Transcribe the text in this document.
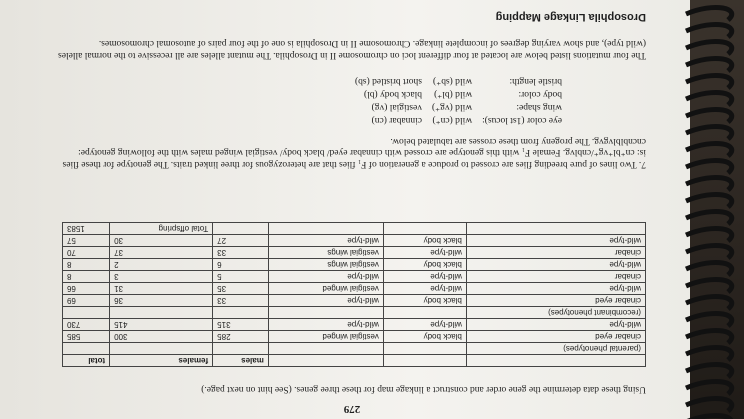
279
Using these data determine the gene order and construct a linkage map for these three genes. (See hint on next page.)
			males	females	total
(parental phenotypes)					
cinabar eyed	black body	vestigial winged	285	300	585
wild-type	wild-type	wild-type	315	415	730
(recombinant phenotypes)					
cinabar eyed	black body	wild-type	33	36	69
wild-type	wild-type	vestigial winged	35	31	66
cinabar	wild-type	wild-type	5	3	8
wild-type	black body	vestigial wings	6	2	8
cinabar	wild-type	vestigial wings	33	37	70
wild-type	black body	wild-type	27	30	57
				Total offspring	1583
7. Two lines of pure breeding flies are crossed to produce a generation of F₁ flies that are heterozygous for three linked traits. The genotype for these flies is: cn⁺bl⁺vg⁺/cnblvg. Female F₁ with this genotype are crossed with cinnabar eyed/ black body/ vestigial winged males with the following genotype: cncnblblvgvg. The progeny from these crosses are tabulated below.
eye color (1st locus):	wild (cn⁺)	cinnabar (cn)
wing shape:	wild (vg⁺)	vestigial (vg)
body color:	wild (bl⁺)	black body (bl)
bristle length:	wild (sb⁺)	short bristled (sb)
The four mutations listed below are located at four different loci on chromosome II in Drosophila. The mutant alleles are all recessive to the normal alleles (wild type), and show varying degrees of incomplete linkage. Chromosome II in Drosophila is one of the four pairs of autosomal chromosomes.
Drosophila Linkage Mapping
